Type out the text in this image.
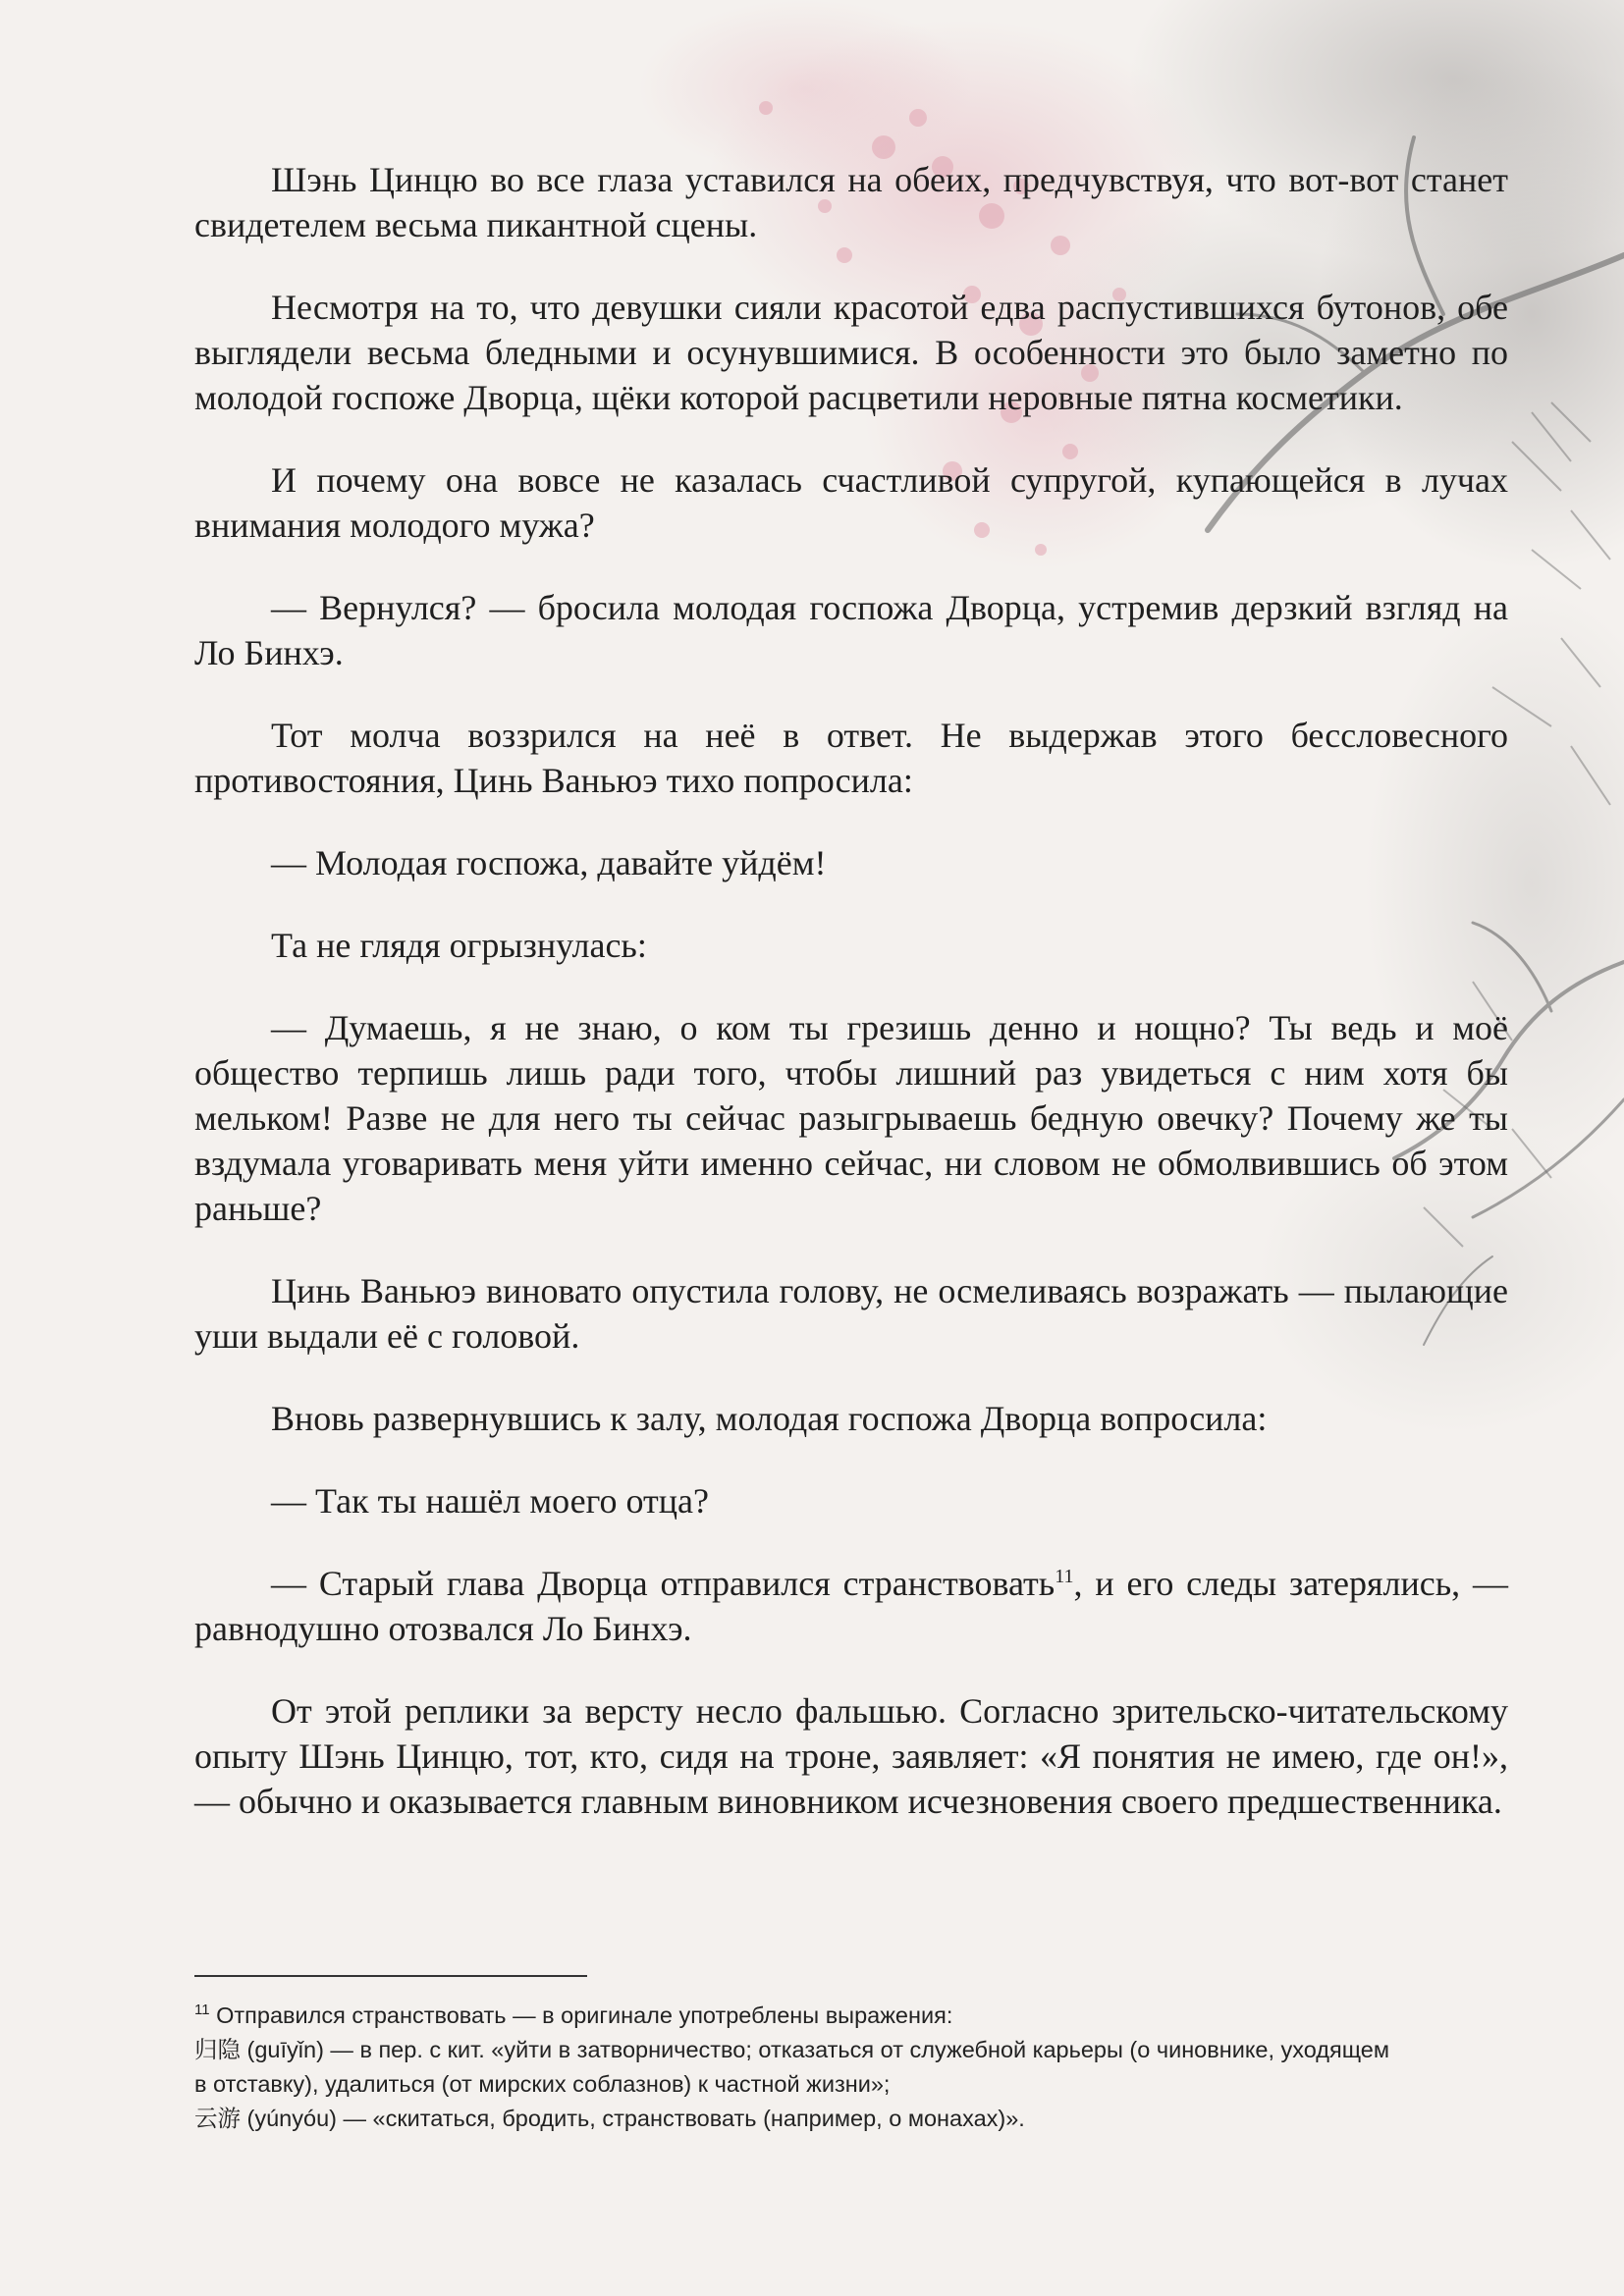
Шэнь Цинцю во все глаза уставился на обеих, предчувствуя, что вот-вот станет свидетелем весьма пикантной сцены.

Несмотря на то, что девушки сияли красотой едва распустившихся бутонов, обе выглядели весьма бледными и осунувшимися. В особенности это было заметно по молодой госпоже Дворца, щёки которой расцветили неровные пятна косметики.

И почему она вовсе не казалась счастливой супругой, купающейся в лучах внимания молодого мужа?

— Вернулся? — бросила молодая госпожа Дворца, устремив дерзкий взгляд на Ло Бинхэ.

Тот молча воззрился на неё в ответ. Не выдержав этого бессловесного противостояния, Цинь Ваньюэ тихо попросила:

— Молодая госпожа, давайте уйдём!

Та не глядя огрызнулась:

— Думаешь, я не знаю, о ком ты грезишь денно и нощно? Ты ведь и моё общество терпишь лишь ради того, чтобы лишний раз увидеться с ним хотя бы мельком! Разве не для него ты сейчас разыгрываешь бедную овечку? Почему же ты вздумала уговаривать меня уйти именно сейчас, ни словом не обмолвившись об этом раньше?

Цинь Ваньюэ виновато опустила голову, не осмеливаясь возражать — пылающие уши выдали её с головой.

Вновь развернувшись к залу, молодая госпожа Дворца вопросила:

— Так ты нашёл моего отца?

— Старый глава Дворца отправился странствовать$^{11}$, и его следы затерялись, — равнодушно отозвался Ло Бинхэ.

От этой реплики за версту несло фальшью. Согласно зрительско-читательскому опыту Шэнь Цинцю, тот, кто, сидя на троне, заявляет: «Я понятия не имею, где он!», — обычно и оказывается главным виновником исчезновения своего предшественника.

$^{11}$ Отправился странствовать — в оригинале употреблены выражения:

归隐 (guīyǐn) — в пер. с кит. «уйти в затворничество; отказаться от служебной карьеры (о чиновнике, уходящем

в отставку), удалиться (от мирских соблазнов) к частной жизни»;

云游 (yúnyóu) — «скитаться, бродить, странствовать (например, о монахах)».
